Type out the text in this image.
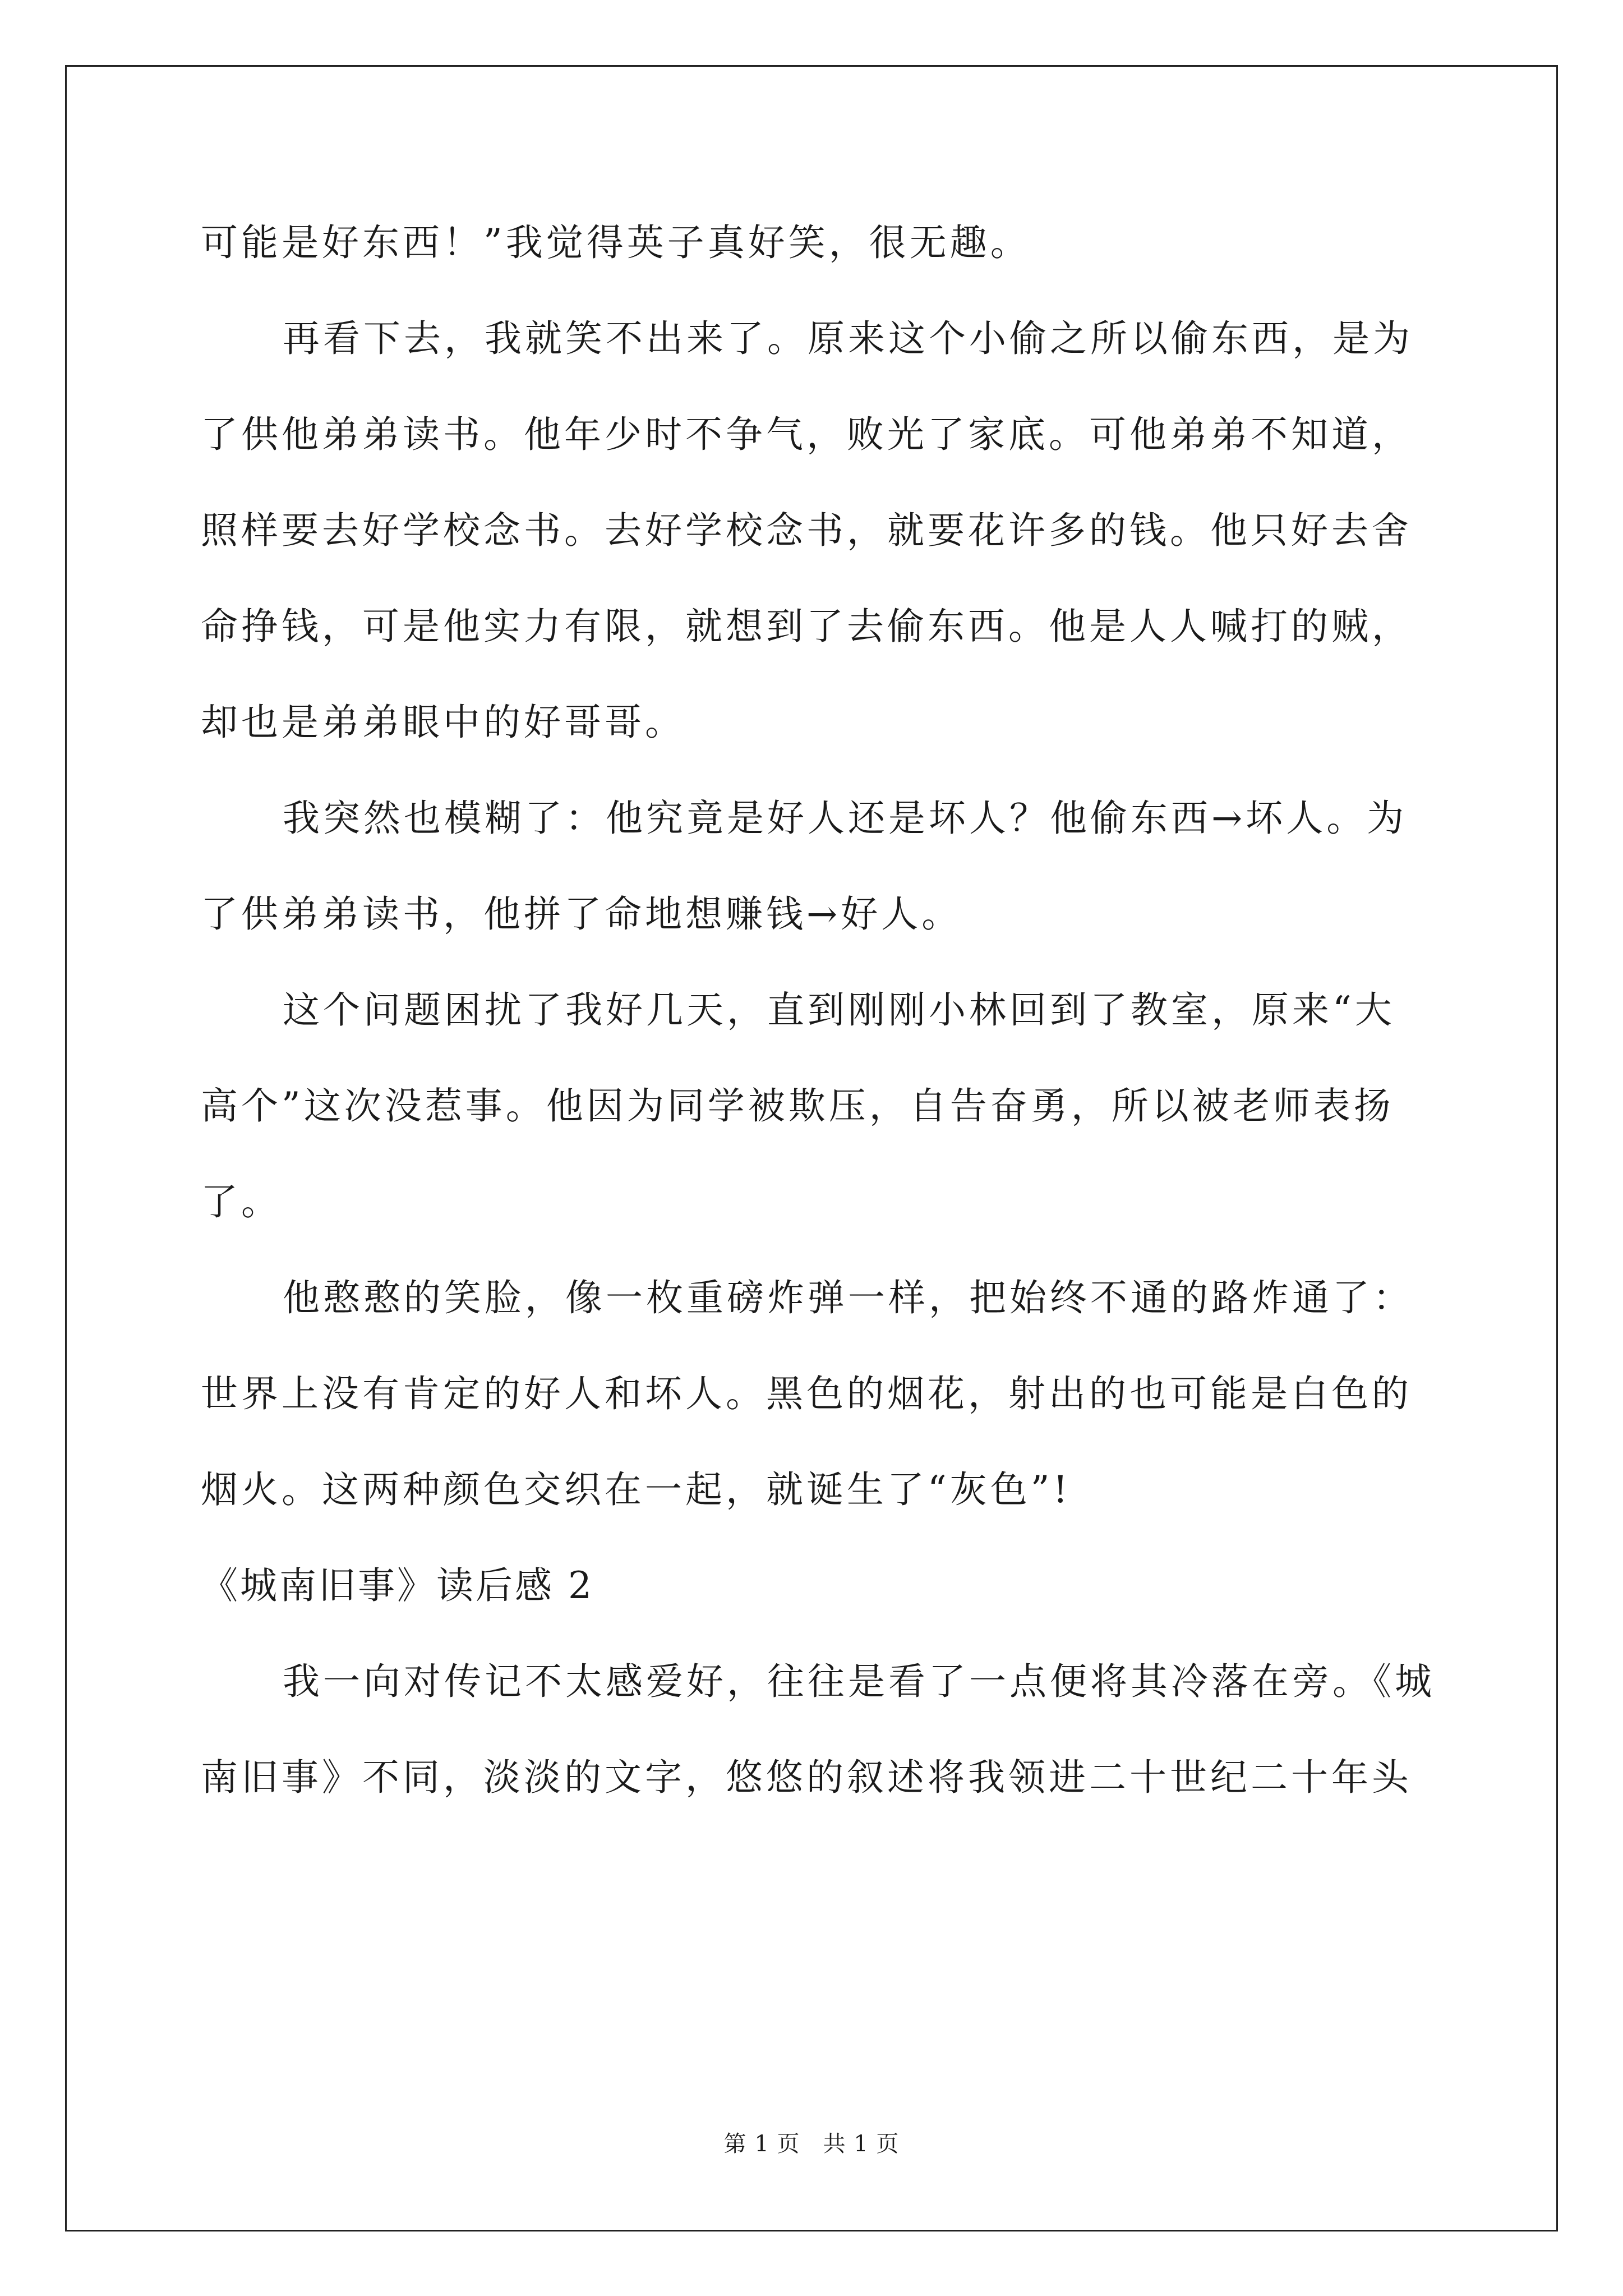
可能是好东西！”我觉得英子真好笑，很无趣。
再看下去，我就笑不出来了。原来这个小偷之所以偷东西，是为
了供他弟弟读书。他年少时不争气，败光了家底。可他弟弟不知道，
照样要去好学校念书。去好学校念书，就要花许多的钱。他只好去舍
命挣钱，可是他实力有限，就想到了去偷东西。他是人人喊打的贼，
却也是弟弟眼中的好哥哥。
我突然也模糊了：他究竟是好人还是坏人？他偷东西→坏人。为
了供弟弟读书，他拼了命地想赚钱→好人。
这个问题困扰了我好几天，直到刚刚小林回到了教室，原来“大
高个”这次没惹事。他因为同学被欺压，自告奋勇，所以被老师表扬
了。
他憨憨的笑脸，像一枚重磅炸弹一样，把始终不通的路炸通了：
世界上没有肯定的好人和坏人。黑色的烟花，射出的也可能是白色的
烟火。这两种颜色交织在一起，就诞生了“灰色”!
《城南旧事》读后感 2
我一向对传记不太感爱好，往往是看了一点便将其冷落在旁。《城
南旧事》不同，淡淡的文字，悠悠的叙述将我领进二十世纪二十年头
第 1 页　共 1 页
